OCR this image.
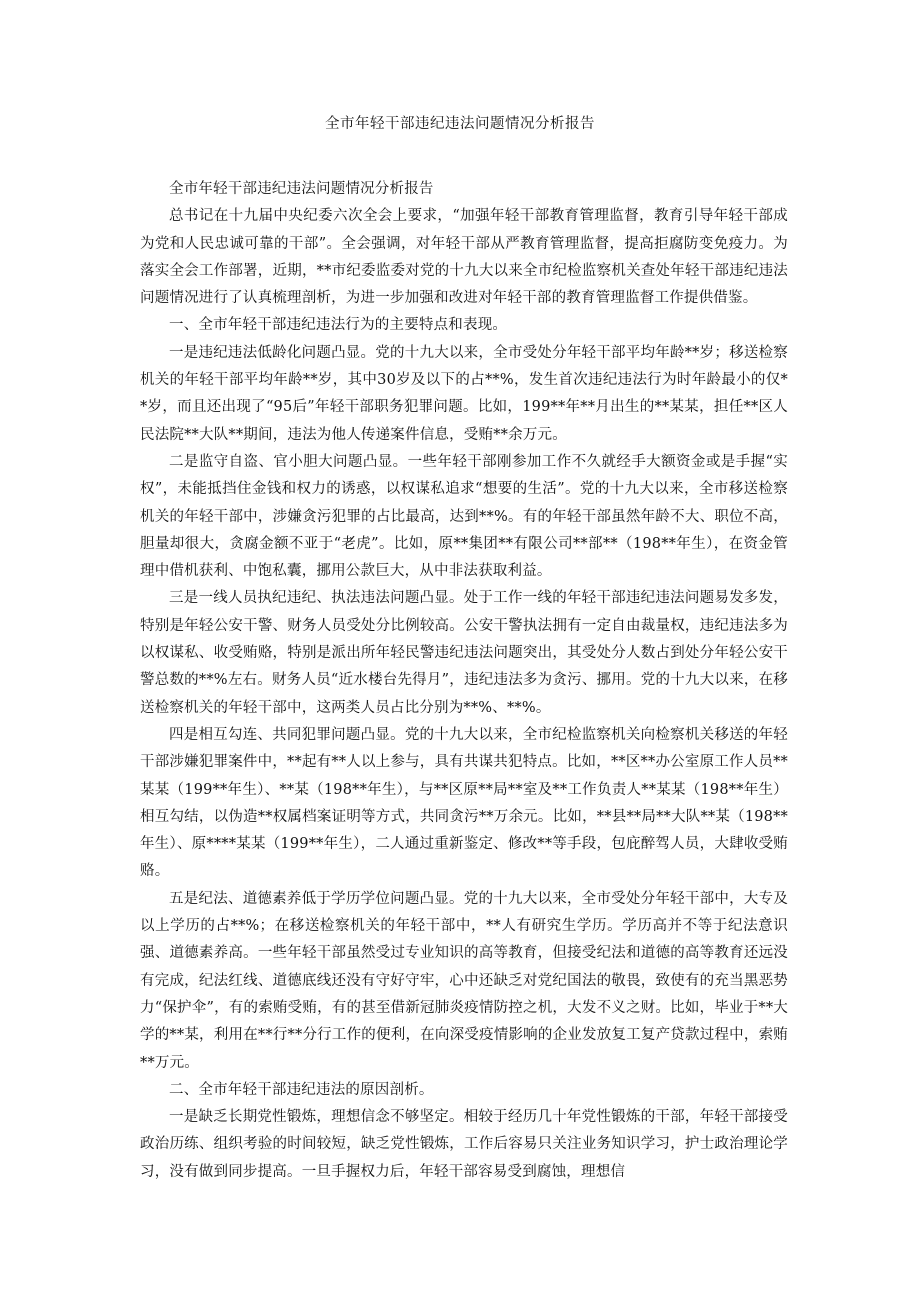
全市年轻干部违纪违法问题情况分析报告

全市年轻干部违纪违法问题情况分析报告

总书记在十九届中央纪委六次全会上要求，“加强年轻干部教育管理监督，教育引导年轻干部成为党和人民忠诚可靠的干部”。全会强调，对年轻干部从严教育管理监督，提高拒腐防变免疫力。为落实全会工作部署，近期，**市纪委监委对党的十九大以来全市纪检监察机关查处年轻干部违纪违法问题情况进行了认真梳理剖析，为进一步加强和改进对年轻干部的教育管理监督工作提供借鉴。

一、全市年轻干部违纪违法行为的主要特点和表现。

一是违纪违法低龄化问题凸显。党的十九大以来，全市受处分年轻干部平均年龄**岁；移送检察机关的年轻干部平均年龄**岁，其中30岁及以下的占**%，发生首次违纪违法行为时年龄最小的仅**岁，而且还出现了“95后”年轻干部职务犯罪问题。比如，199**年**月出生的**某某，担任**区人民法院**大队**期间，违法为他人传递案件信息，受贿**余万元。

二是监守自盗、官小胆大问题凸显。一些年轻干部刚参加工作不久就经手大额资金或是手握“实权”，未能抵挡住金钱和权力的诱惑，以权谋私追求“想要的生活”。党的十九大以来，全市移送检察机关的年轻干部中，涉嫌贪污犯罪的占比最高，达到**%。有的年轻干部虽然年龄不大、职位不高，胆量却很大，贪腐金额不亚于“老虎”。比如，原**集团**有限公司**部**（198**年生），在资金管理中借机获利、中饱私囊，挪用公款巨大，从中非法获取利益。

三是一线人员执纪违纪、执法违法问题凸显。处于工作一线的年轻干部违纪违法问题易发多发，特别是年轻公安干警、财务人员受处分比例较高。公安干警执法拥有一定自由裁量权，违纪违法多为以权谋私、收受贿赂，特别是派出所年轻民警违纪违法问题突出，其受处分人数占到处分年轻公安干警总数的**%左右。财务人员“近水楼台先得月”，违纪违法多为贪污、挪用。党的十九大以来，在移送检察机关的年轻干部中，这两类人员占比分别为**%、**%。

四是相互勾连、共同犯罪问题凸显。党的十九大以来，全市纪检监察机关向检察机关移送的年轻干部涉嫌犯罪案件中，**起有**人以上参与，具有共谋共犯特点。比如，**区**办公室原工作人员**某某（199**年生）、**某（198**年生），与**区原**局**室及**工作负责人**某某（198**年生）相互勾结，以伪造**权属档案证明等方式，共同贪污**万余元。比如，**县**局**大队**某（198**年生）、原****某某（199**年生），二人通过重新鉴定、修改**等手段，包庇醉驾人员，大肆收受贿赂。

五是纪法、道德素养低于学历学位问题凸显。党的十九大以来，全市受处分年轻干部中，大专及以上学历的占**%；在移送检察机关的年轻干部中，**人有研究生学历。学历高并不等于纪法意识强、道德素养高。一些年轻干部虽然受过专业知识的高等教育，但接受纪法和道德的高等教育还远没有完成，纪法红线、道德底线还没有守好守牢，心中还缺乏对党纪国法的敬畏，致使有的充当黑恶势力“保护伞”，有的索贿受贿，有的甚至借新冠肺炎疫情防控之机，大发不义之财。比如，毕业于**大学的**某，利用在**行**分行工作的便利，在向深受疫情影响的企业发放复工复产贷款过程中，索贿**万元。

二、全市年轻干部违纪违法的原因剖析。

一是缺乏长期党性锻炼，理想信念不够坚定。相较于经历几十年党性锻炼的干部，年轻干部接受政治历练、组织考验的时间较短，缺乏党性锻炼，工作后容易只关注业务知识学习，护士政治理论学习，没有做到同步提高。一旦手握权力后，年轻干部容易受到腐蚀，理想信
